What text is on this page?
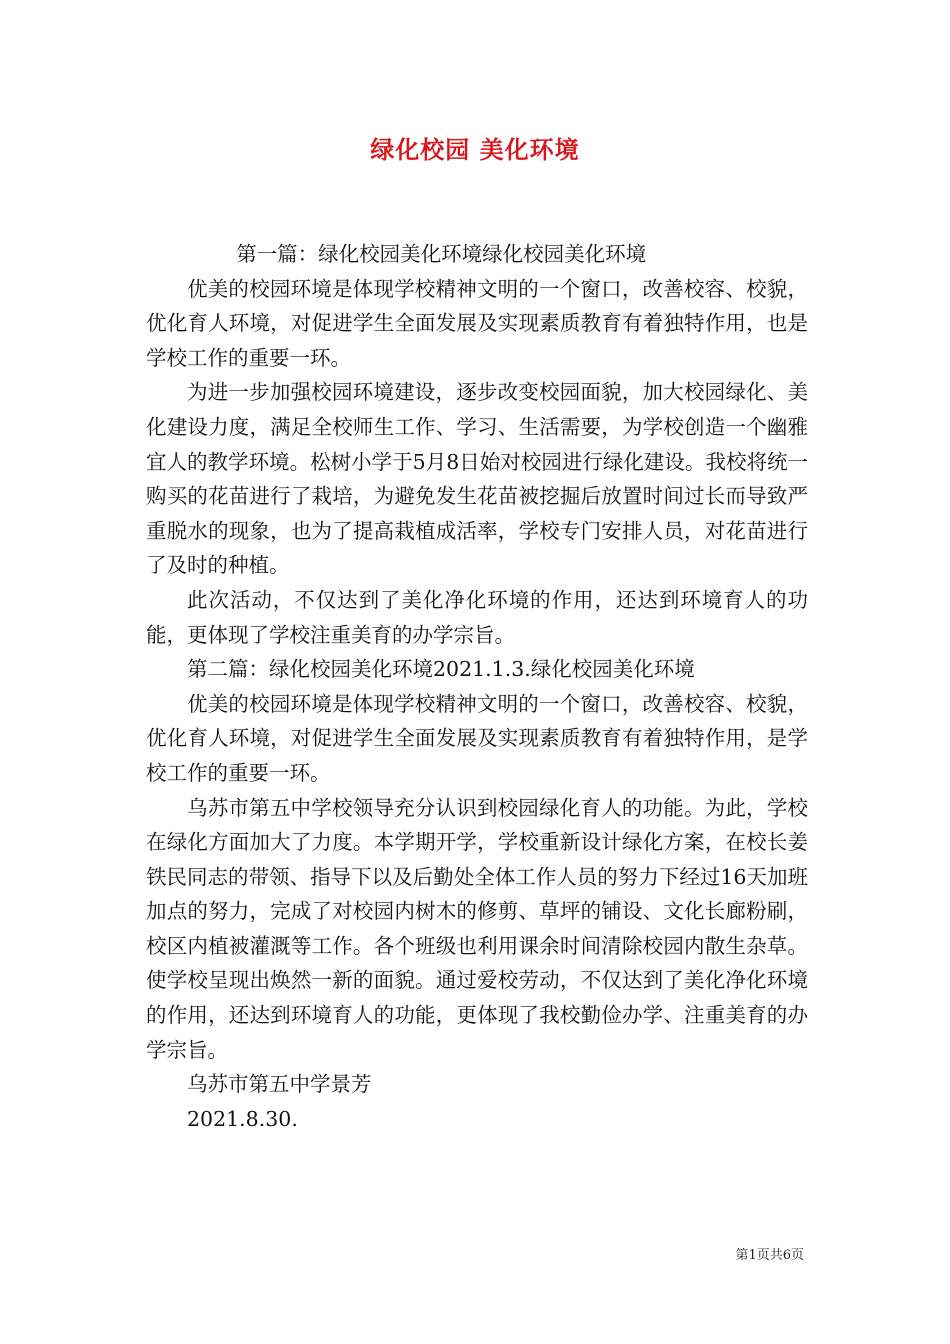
绿化校园 美化环境

第一篇：绿化校园美化环境绿化校园美化环境

优美的校园环境是体现学校精神文明的一个窗口，改善校容、校貌，优化育人环境，对促进学生全面发展及实现素质教育有着独特作用，也是学校工作的重要一环。

为进一步加强校园环境建设，逐步改变校园面貌，加大校园绿化、美化建设力度，满足全校师生工作、学习、生活需要，为学校创造一个幽雅宜人的教学环境。松树小学于5月8日始对校园进行绿化建设。我校将统一购买的花苗进行了栽培，为避免发生花苗被挖掘后放置时间过长而导致严重脱水的现象，也为了提高栽植成活率，学校专门安排人员，对花苗进行了及时的种植。

此次活动，不仅达到了美化净化环境的作用，还达到环境育人的功能，更体现了学校注重美育的办学宗旨。

第二篇：绿化校园美化环境2021.1.3.绿化校园美化环境

优美的校园环境是体现学校精神文明的一个窗口，改善校容、校貌，优化育人环境，对促进学生全面发展及实现素质教育有着独特作用，是学校工作的重要一环。

乌苏市第五中学校领导充分认识到校园绿化育人的功能。为此，学校在绿化方面加大了力度。本学期开学，学校重新设计绿化方案，在校长姜铁民同志的带领、指导下以及后勤处全体工作人员的努力下经过16天加班加点的努力，完成了对校园内树木的修剪、草坪的铺设、文化长廊粉刷，校区内植被灌溉等工作。各个班级也利用课余时间清除校园内散生杂草。使学校呈现出焕然一新的面貌。通过爱校劳动，不仅达到了美化净化环境的作用，还达到环境育人的功能，更体现了我校勤俭办学、注重美育的办学宗旨。

乌苏市第五中学景芳

2021.8.30.

第1页共6页
